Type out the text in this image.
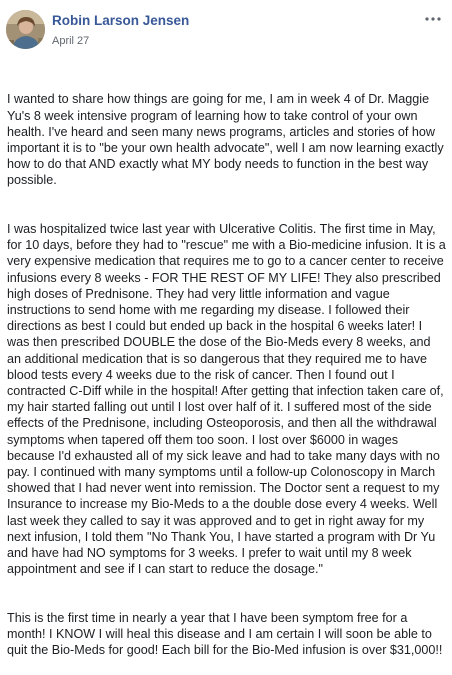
Robin Larson Jensen
April 27

I wanted to share how things are going for me, I am in week 4 of Dr. Maggie Yu's 8 week intensive program of learning how to take control of your own health. I've heard and seen many news programs, articles and stories of how important it is to "be your own health advocate", well I am now learning exactly how to do that AND exactly what MY body needs to function in the best way possible.

I was hospitalized twice last year with Ulcerative Colitis. The first time in May, for 10 days, before they had to "rescue" me with a Bio-medicine infusion. It is a very expensive medication that requires me to go to a cancer center to receive infusions every 8 weeks - FOR THE REST OF MY LIFE! They also prescribed high doses of Prednisone. They had very little information and vague instructions to send home with me regarding my disease. I followed their directions as best I could but ended up back in the hospital 6 weeks later! I was then prescribed DOUBLE the dose of the Bio-Meds every 8 weeks, and an additional medication that is so dangerous that they required me to have blood tests every 4 weeks due to the risk of cancer. Then I found out I contracted C-Diff while in the hospital! After getting that infection taken care of, my hair started falling out until I lost over half of it. I suffered most of the side effects of the Prednisone, including Osteoporosis, and then all the withdrawal symptoms when tapered off them too soon. I lost over $6000 in wages because I'd exhausted all of my sick leave and had to take many days with no pay. I continued with many symptoms until a follow-up Colonoscopy in March showed that I had never went into remission. The Doctor sent a request to my Insurance to increase my Bio-Meds to a the double dose every 4 weeks. Well last week they called to say it was approved and to get in right away for my next infusion, I told them "No Thank You, I have started a program with Dr Yu and have had NO symptoms for 3 weeks. I prefer to wait until my 8 week appointment and see if I can start to reduce the dosage."

This is the first time in nearly a year that I have been symptom free for a month! I KNOW I will heal this disease and I am certain I will soon be able to quit the Bio-Meds for good! Each bill for the Bio-Med infusion is over $31,000!!
